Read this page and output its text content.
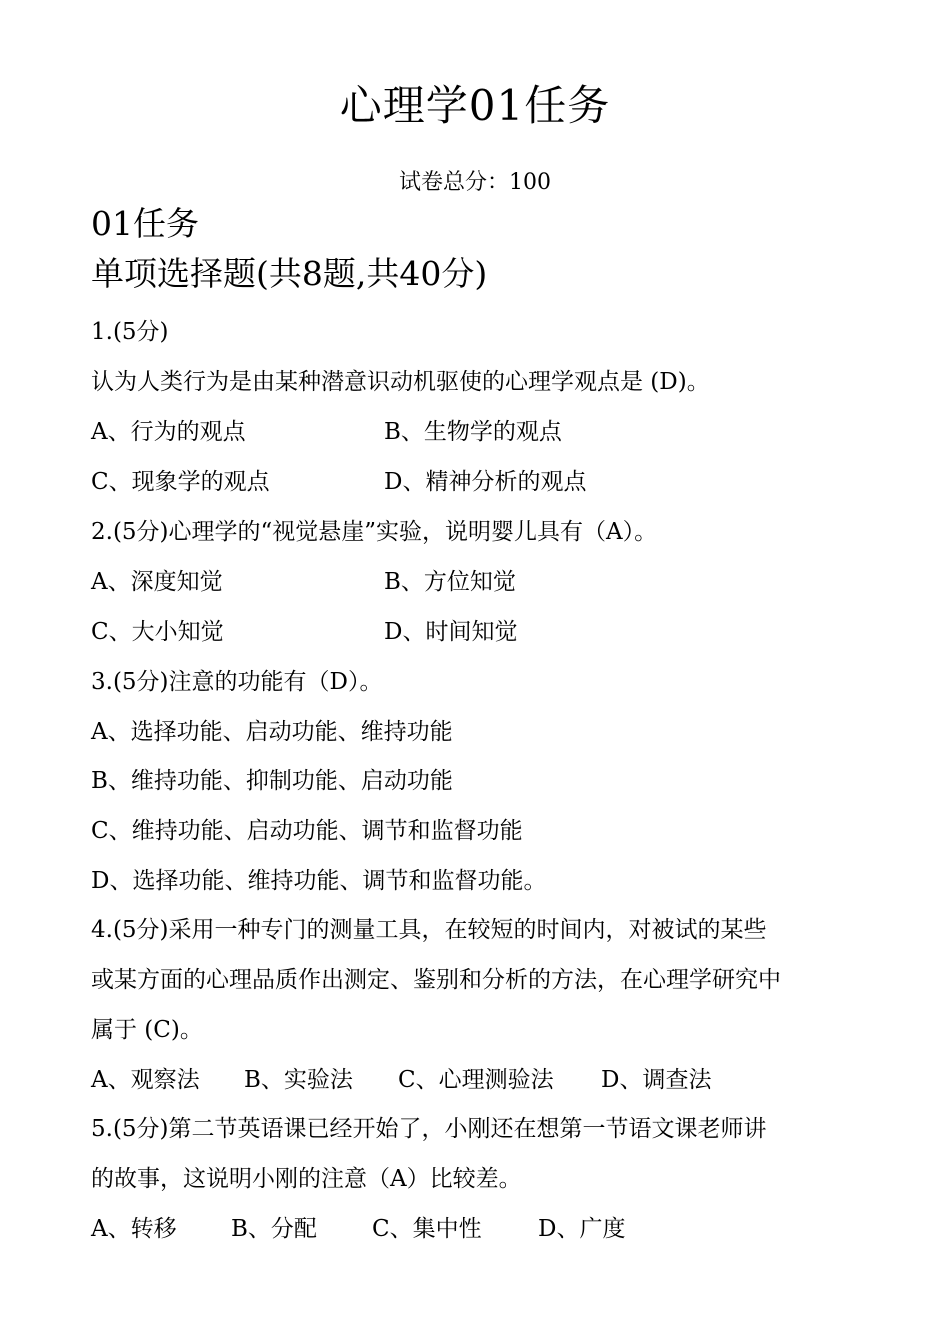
心理学01任务
试卷总分：100
01任务
单项选择题(共8题,共40分)
1.(5分)
认为人类行为是由某种潜意识动机驱使的心理学观点是 (D)。
A、行为的观点	B、生物学的观点
C、现象学的观点	D、精神分析的观点
2.(5分)心理学的“视觉悬崖”实验，说明婴儿具有（A）。
A、深度知觉	B、方位知觉
C、大小知觉	D、时间知觉
3.(5分)注意的功能有（D）。
A、选择功能、启动功能、维持功能
B、维持功能、抑制功能、启动功能
C、维持功能、启动功能、调节和监督功能
D、选择功能、维持功能、调节和监督功能。
4.(5分)采用一种专门的测量工具，在较短的时间内，对被试的某些
或某方面的心理品质作出测定、鉴别和分析的方法，在心理学研究中
属于 (C)。
A、观察法 B、实验法 C、心理测验法 D、调查法
5.(5分)第二节英语课已经开始了，小刚还在想第一节语文课老师讲
的故事，这说明小刚的注意（A）比较差。
A、转移 B、分配 C、集中性 D、广度
